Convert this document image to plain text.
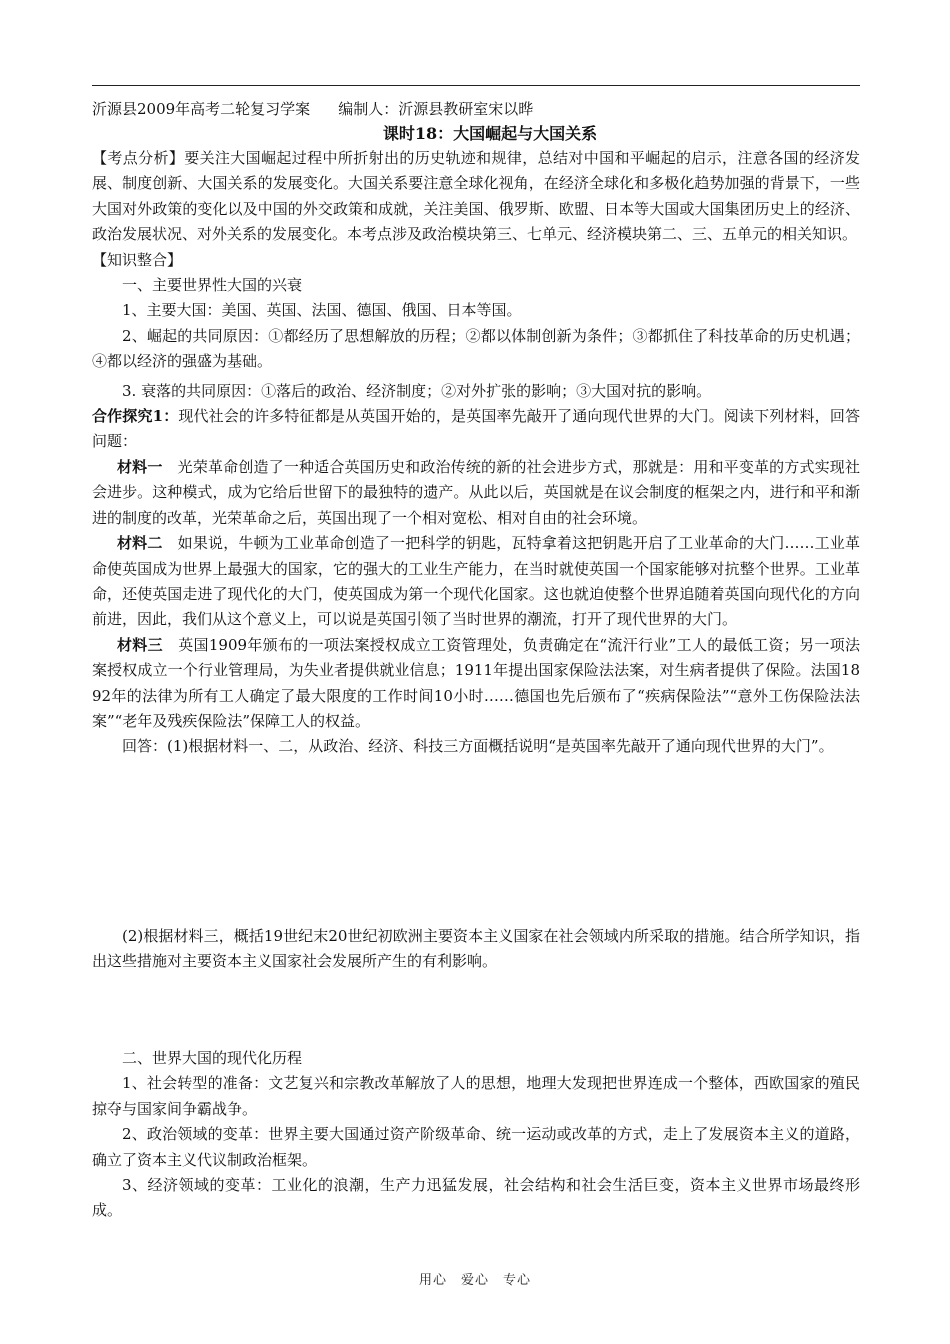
沂源县2009年高考二轮复习学案 编制人：沂源县教研室宋以晔
课时18：大国崛起与大国关系

【考点分析】要关注大国崛起过程中所折射出的历史轨迹和规律，总结对中国和平崛起的启示，注意各国的经济发展、制度创新、大国关系的发展变化。大国关系要注意全球化视角，在经济全球化和多极化趋势加强的背景下，一些大国对外政策的变化以及中国的外交政策和成就，关注美国、俄罗斯、欧盟、日本等大国或大国集团历史上的经济、政治发展状况、对外关系的发展变化。本考点涉及政治模块第三、七单元、经济模块第二、三、五单元的相关知识。

【知识整合】

一、主要世界性大国的兴衰

1、主要大国：美国、英国、法国、德国、俄国、日本等国。

2、崛起的共同原因：①都经历了思想解放的历程；②都以体制创新为条件；③都抓住了科技革命的历史机遇；④都以经济的强盛为基础。

3. 衰落的共同原因：①落后的政治、经济制度；②对外扩张的影响；③大国对抗的影响。

合作探究1：现代社会的许多特征都是从英国开始的，是英国率先敲开了通向现代世界的大门。阅读下列材料，回答问题：

材料一  光荣革命创造了一种适合英国历史和政治传统的新的社会进步方式，那就是：用和平变革的方式实现社会进步。这种模式，成为它给后世留下的最独特的遗产。从此以后，英国就是在议会制度的框架之内，进行和平和渐进的制度的改革，光荣革命之后，英国出现了一个相对宽松、相对自由的社会环境。

材料二  如果说，牛顿为工业革命创造了一把科学的钥匙，瓦特拿着这把钥匙开启了工业革命的大门……工业革命使英国成为世界上最强大的国家，它的强大的工业生产能力，在当时就使英国一个国家能够对抗整个世界。工业革命，还使英国走进了现代化的大门，使英国成为第一个现代化国家。这也就迫使整个世界追随着英国向现代化的方向前进，因此，我们从这个意义上，可以说是英国引领了当时世界的潮流，打开了现代世界的大门。

材料三  英国1909年颁布的一项法案授权成立工资管理处，负责确定在“流汗行业”工人的最低工资；另一项法案授权成立一个行业管理局，为失业者提供就业信息；1911年提出国家保险法法案，对生病者提供了保险。法国1892年的法律为所有工人确定了最大限度的工作时间10小时……德国也先后颁布了“疾病保险法”“意外工伤保险法法案”“老年及残疾保险法”保障工人的权益。

回答：(1)根据材料一、二，从政治、经济、科技三方面概括说明“是英国率先敲开了通向现代世界的大门”。

(2)根据材料三，概括19世纪末20世纪初欧洲主要资本主义国家在社会领域内所采取的措施。结合所学知识，指出这些措施对主要资本主义国家社会发展所产生的有利影响。

二、世界大国的现代化历程

1、社会转型的准备：文艺复兴和宗教改革解放了人的思想，地理大发现把世界连成一个整体，西欧国家的殖民掠夺与国家间争霸战争。

2、政治领域的变革：世界主要大国通过资产阶级革命、统一运动或改革的方式，走上了发展资本主义的道路，确立了资本主义代议制政治框架。

3、经济领域的变革：工业化的浪潮，生产力迅猛发展，社会结构和社会生活巨变，资本主义世界市场最终形成。

用心　爱心　专心
